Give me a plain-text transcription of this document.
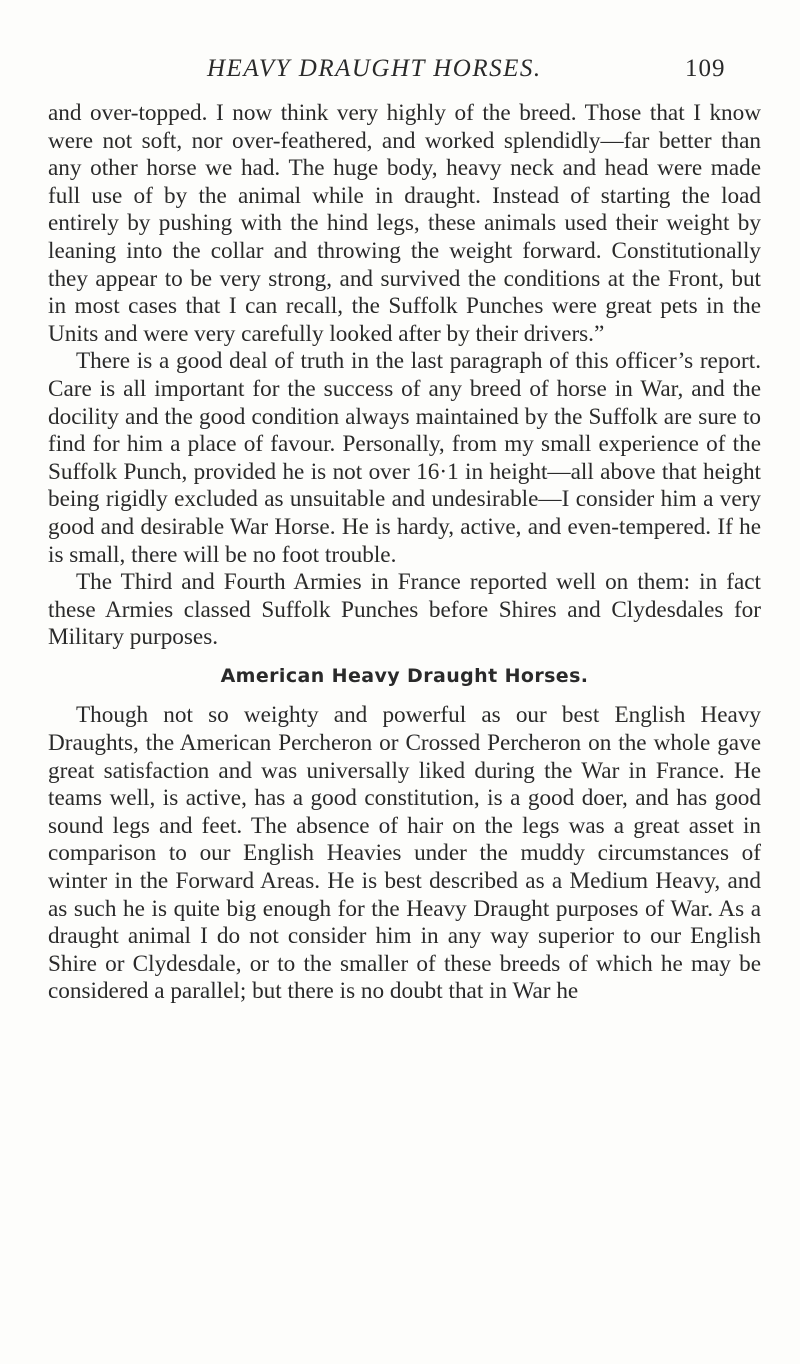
HEAVY DRAUGHT HORSES.	109

and over-topped. I now think very highly of the breed. Those that I know were not soft, nor over-feathered, and worked splendidly—far better than any other horse we had. The huge body, heavy neck and head were made full use of by the animal while in draught. Instead of starting the load entirely by pushing with the hind legs, these animals used their weight by leaning into the collar and throwing the weight forward. Constitutionally they appear to be very strong, and survived the conditions at the Front, but in most cases that I can recall, the Suffolk Punches were great pets in the Units and were very carefully looked after by their drivers.”

There is a good deal of truth in the last paragraph of this officer’s report. Care is all important for the success of any breed of horse in War, and the docility and the good condition always maintained by the Suffolk are sure to find for him a place of favour. Personally, from my small experience of the Suffolk Punch, provided he is not over 16·1 in height—all above that height being rigidly excluded as unsuitable and undesirable—I consider him a very good and desirable War Horse. He is hardy, active, and even-tempered. If he is small, there will be no foot trouble.

The Third and Fourth Armies in France reported well on them: in fact these Armies classed Suffolk Punches before Shires and Clydesdales for Military purposes.

American Heavy Draught Horses.

Though not so weighty and powerful as our best English Heavy Draughts, the American Percheron or Crossed Percheron on the whole gave great satisfaction and was universally liked during the War in France. He teams well, is active, has a good constitution, is a good doer, and has good sound legs and feet. The absence of hair on the legs was a great asset in comparison to our English Heavies under the muddy circumstances of winter in the Forward Areas. He is best described as a Medium Heavy, and as such he is quite big enough for the Heavy Draught purposes of War. As a draught animal I do not consider him in any way superior to our English Shire or Clydesdale, or to the smaller of these breeds of which he may be considered a parallel; but there is no doubt that in War he
